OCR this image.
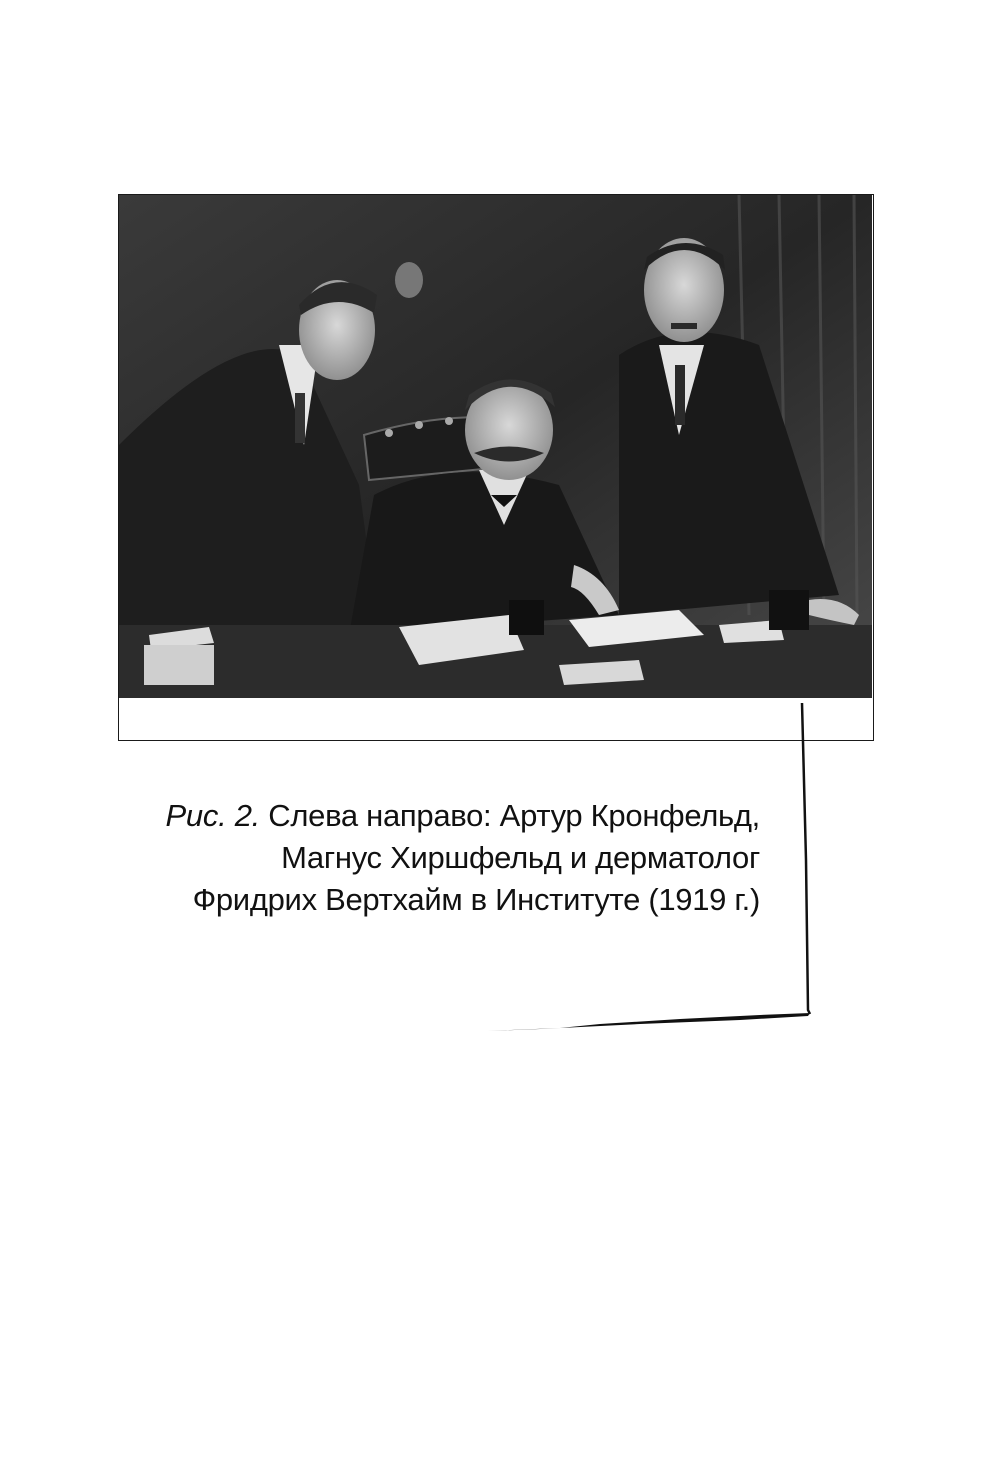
Рис. 2. Слева направо: Артур Кронфельд,
Магнус Хиршфельд и дерматолог
Фридрих Вертхайм в Институте (1919 г.)
